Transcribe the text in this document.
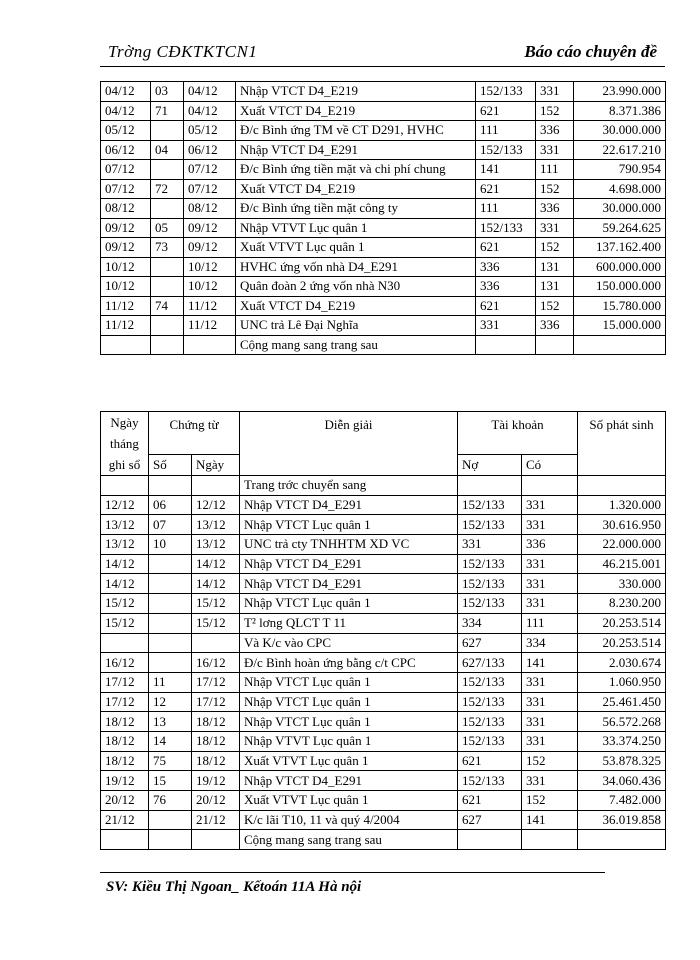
Trờng CĐKTKTCN1	Báo cáo chuyên đề
04/12	03	04/12	Nhập VTCT D4_E219	152/133	331	23.990.000
04/12	71	04/12	Xuất VTCT D4_E219	621	152	8.371.386
05/12		05/12	Đ/c Bình ứng TM về CT D291, HVHC	111	336	30.000.000
06/12	04	06/12	Nhập VTCT D4_E291	152/133	331	22.617.210
07/12		07/12	Đ/c Bình ứng tiền mặt và chi phí chung	141	111	790.954
07/12	72	07/12	Xuất VTCT D4_E219	621	152	4.698.000
08/12		08/12	Đ/c Bình ứng tiền mặt công ty	111	336	30.000.000
09/12	05	09/12	Nhập VTVT Lục quân 1	152/133	331	59.264.625
09/12	73	09/12	Xuất VTVT Lục quân 1	621	152	137.162.400
10/12		10/12	HVHC ứng vốn nhà D4_E291	336	131	600.000.000
10/12		10/12	Quân đoàn 2 ứng vốn nhà N30	336	131	150.000.000
11/12	74	11/12	Xuất VTCT D4_E219	621	152	15.780.000
11/12		11/12	UNC trả Lê Đại Nghĩa	331	336	15.000.000
			Cộng mang sang trang sau			
Ngày tháng ghi sổ	Chứng từ		Diễn giải	Tài khoản		Số phát sinh
	Số	Ngày		Nợ	Có	
			Trang trớc chuyển sang			
12/12	06	12/12	Nhập VTCT D4_E291	152/133	331	1.320.000
13/12	07	13/12	Nhập VTCT Lục quân 1	152/133	331	30.616.950
13/12	10	13/12	UNC trả cty TNHHTM XD VC	331	336	22.000.000
14/12		14/12	Nhập VTCT D4_E291	152/133	331	46.215.001
14/12		14/12	Nhập VTCT D4_E291	152/133	331	330.000
15/12		15/12	Nhập VTCT Lục quân 1	152/133	331	8.230.200
15/12		15/12	T² lơng QLCT T 11	334	111	20.253.514
			Và K/c vào CPC	627	334	20.253.514
16/12		16/12	Đ/c Bình hoàn ứng bằng c/t CPC	627/133	141	2.030.674
17/12	11	17/12	Nhập VTCT Lục quân 1	152/133	331	1.060.950
17/12	12	17/12	Nhập VTCT Lục quân 1	152/133	331	25.461.450
18/12	13	18/12	Nhập VTCT Lục quân 1	152/133	331	56.572.268
18/12	14	18/12	Nhập VTVT Lục quân 1	152/133	331	33.374.250
18/12	75	18/12	Xuất VTVT Lục quân 1	621	152	53.878.325
19/12	15	19/12	Nhập VTCT D4_E291	152/133	331	34.060.436
20/12	76	20/12	Xuất VTVT Lục quân 1	621	152	7.482.000
21/12		21/12	K/c lãi T10, 11 và quý 4/2004	627	141	36.019.858
			Cộng mang sang trang sau			
SV: Kiều Thị Ngoan_ Kếtoán 11A Hà nội
